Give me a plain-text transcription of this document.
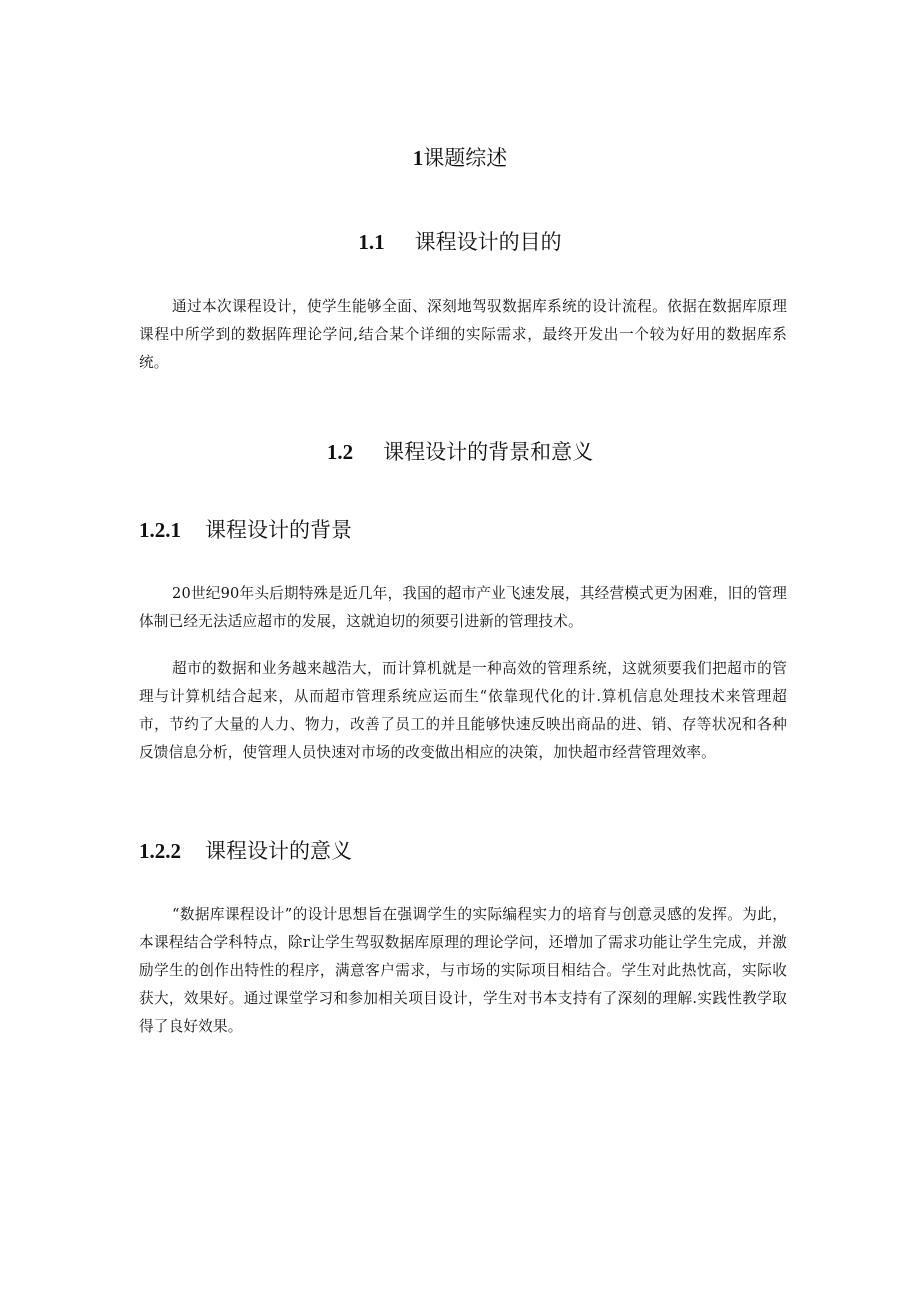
1课题综述
1.1 课程设计的目的

通过本次课程设计，使学生能够全面、深刻地驾驭数据库系统的设计流程。依据在数据库原理课程中所学到的数据阵理论学问,结合某个详细的实际需求，最终开发出一个较为好用的数据库系统。

1.2 课程设计的背景和意义
1.2.1 课程设计的背景

20世纪90年头后期特殊是近几年，我国的超市产业飞速发展，其经营模式更为困难，旧的管理体制已经无法适应超市的发展，这就迫切的须要引进新的管理技术。

超市的数据和业务越来越浩大，而计算机就是一种高效的管理系统，这就须要我们把超市的管理与计算机结合起来，从而超市管理系统应运而生“依靠现代化的计.算机信息处理技术来管理超市，节约了大量的人力、物力，改善了员工的并且能够快速反映出商品的进、销、存等状况和各种反馈信息分析，使管理人员快速对市场的改变做出相应的决策，加快超市经营管理效率。

1.2.2 课程设计的意义

“数据库课程设计”的设计思想旨在强调学生的实际编程实力的培育与创意灵感的发挥。为此，本课程结合学科特点，除r让学生驾驭数据库原理的理论学问，还增加了需求功能让学生完成，并激励学生的创作出特性的程序，满意客户需求，与市场的实际项目相结合。学生对此热忱高，实际收获大，效果好。通过课堂学习和参加相关项目设计，学生对书本支持有了深刻的理解.实践性教学取得了良好效果。
